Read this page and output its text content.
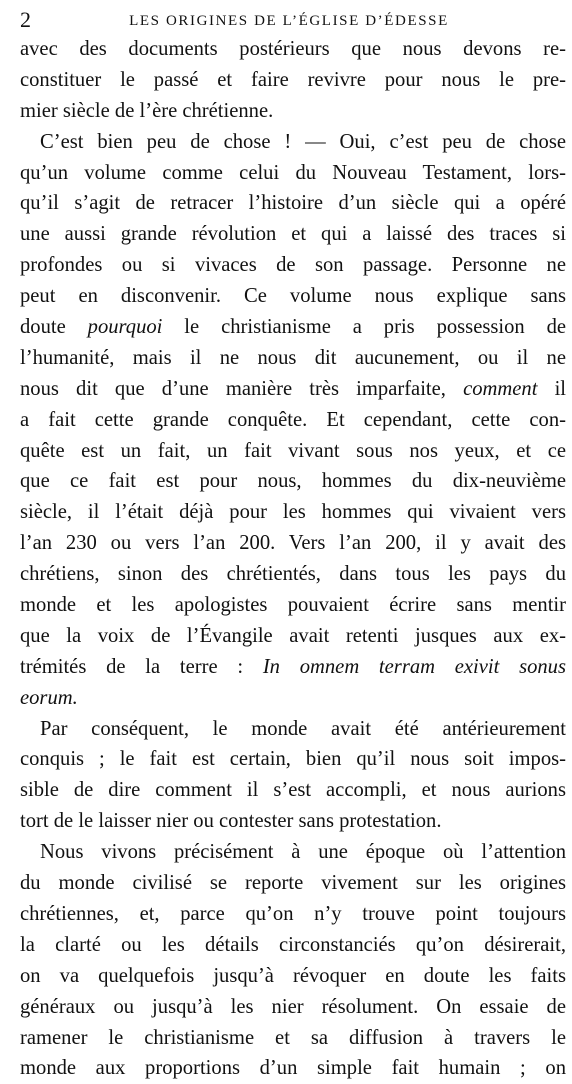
2	LES ORIGINES DE L’ÉGLISE D’ÉDESSE
avec des documents postérieurs que nous devons re-
constituer le passé et faire revivre pour nous le pre-
mier siècle de l’ère chrétienne.
C’est bien peu de chose ! — Oui, c’est peu de chose
qu’un volume comme celui du Nouveau Testament, lors-
qu’il s’agit de retracer l’histoire d’un siècle qui a opéré
une aussi grande révolution et qui a laissé des traces si
profondes ou si vivaces de son passage. Personne ne
peut en disconvenir. Ce volume nous explique sans
doute pourquoi le christianisme a pris possession de
l’humanité, mais il ne nous dit aucunement, ou il ne
nous dit que d’une manière très imparfaite, comment il
a fait cette grande conquête. Et cependant, cette con-
quête est un fait, un fait vivant sous nos yeux, et ce
que ce fait est pour nous, hommes du dix-neuvième
siècle, il l’était déjà pour les hommes qui vivaient vers
l’an 230 ou vers l’an 200. Vers l’an 200, il y avait des
chrétiens, sinon des chrétientés, dans tous les pays du
monde et les apologistes pouvaient écrire sans mentir
que la voix de l’Évangile avait retenti jusques aux ex-
trémités de la terre : In omnem terram exivit sonus
eorum.
Par conséquent, le monde avait été antérieurement
conquis ; le fait est certain, bien qu’il nous soit impos-
sible de dire comment il s’est accompli, et nous aurions
tort de le laisser nier ou contester sans protestation.
Nous vivons précisément à une époque où l’attention
du monde civilisé se reporte vivement sur les origines
chrétiennes, et, parce qu’on n’y trouve point toujours
la clarté ou les détails circonstanciés qu’on désirerait,
on va quelquefois jusqu’à révoquer en doute les faits
généraux ou jusqu’à les nier résolument. On essaie de
ramener le christianisme et sa diffusion à travers le
monde aux proportions d’un simple fait humain ; on
